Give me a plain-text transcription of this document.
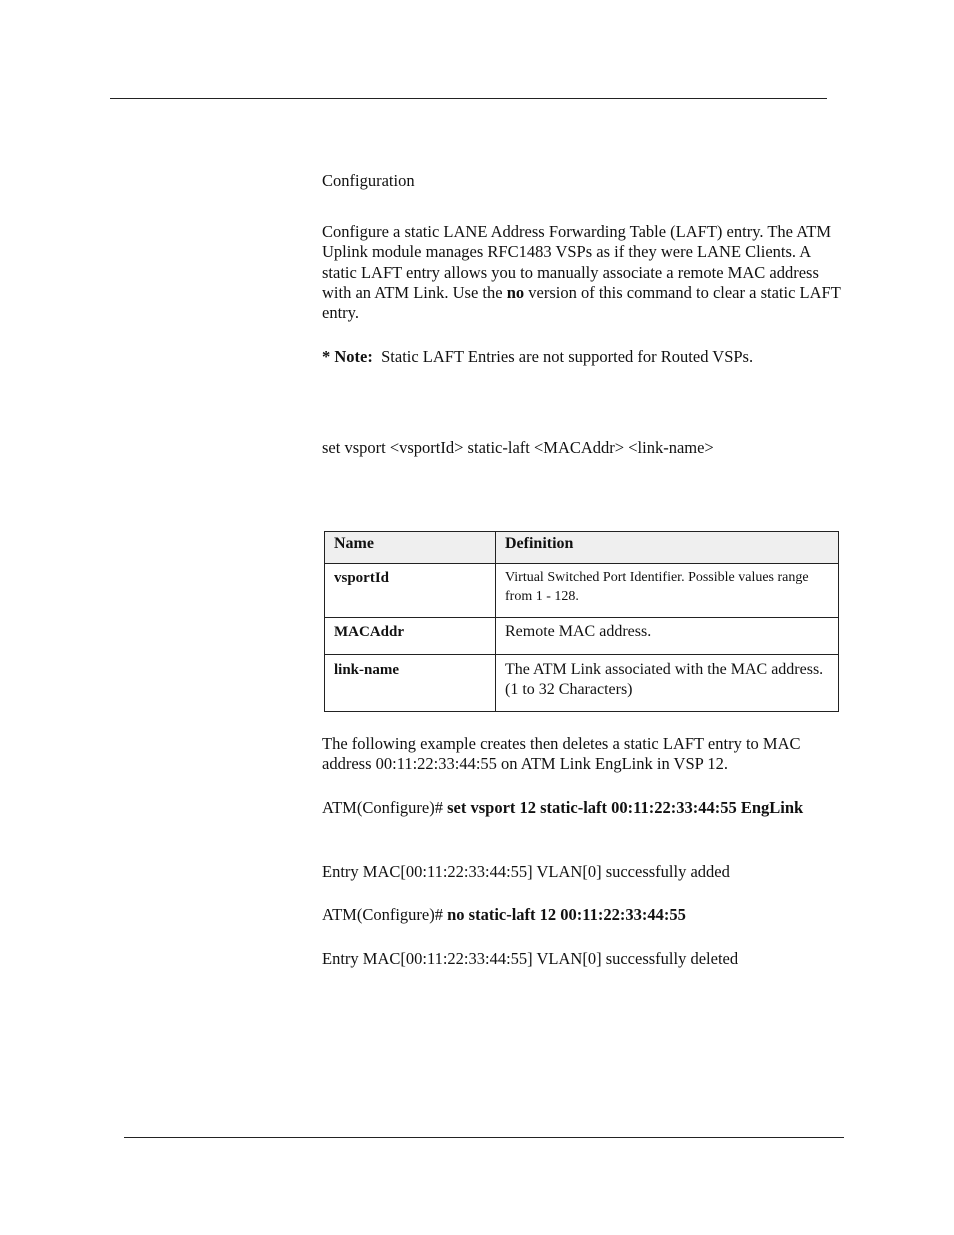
Configuration
Configure a static LANE Address Forwarding Table (LAFT) entry. The ATM Uplink module manages RFC1483 VSPs as if they were LANE Clients. A static LAFT entry allows you to manually associate a remote MAC address with an ATM Link. Use the no version of this command to clear a static LAFT entry.
* Note: Static LAFT Entries are not supported for Routed VSPs.
set vsport <vsportId> static-laft <MACAddr> <link-name>
Name	Definition
vsportId	Virtual Switched Port Identifier. Possible values range from 1 - 128.
MACAddr	Remote MAC address.
link-name	The ATM Link associated with the MAC address. (1 to 32 Characters)
The following example creates then deletes a static LAFT entry to MAC address 00:11:22:33:44:55 on ATM Link EngLink in VSP 12.
ATM(Configure)# set vsport 12 static-laft 00:11:22:33:44:55 EngLink
Entry MAC[00:11:22:33:44:55] VLAN[0] successfully added
ATM(Configure)# no static-laft 12 00:11:22:33:44:55
Entry MAC[00:11:22:33:44:55] VLAN[0] successfully deleted
